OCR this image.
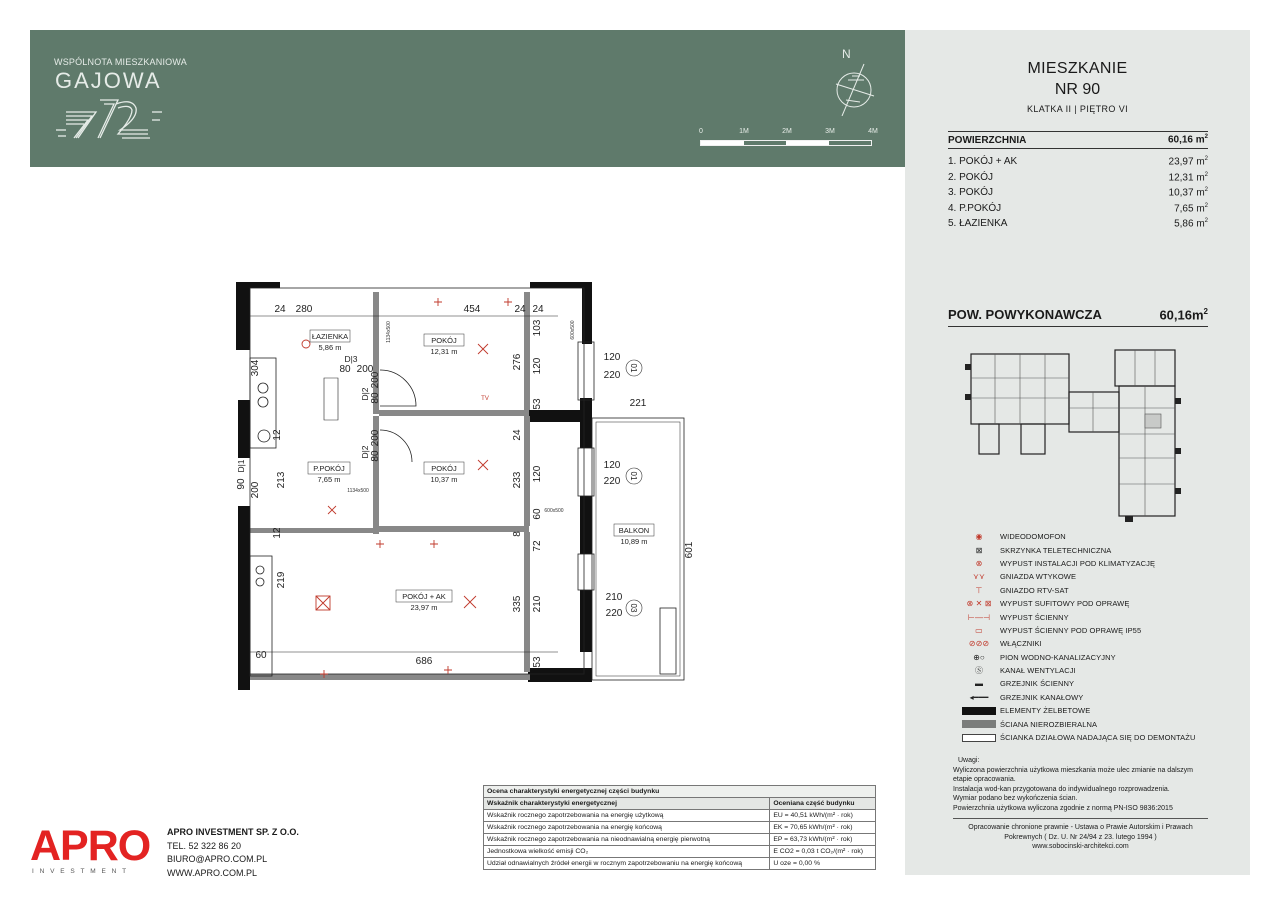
WSPÓLNOTA MIESZKANIOWA
GAJOWA
N
0	1M	2M	3M	4M
MIESZKANIE
NR 90
KLATKA II | PIĘTRO VI
POWIERZCHNIA	60,16 $m^2$
1. POKÓJ + AK	23,97 $m^2$
2. POKÓJ	12,31 $m^2$
3. POKÓJ	10,37 $m^2$
4. P.POKÓJ	7,65 $m^2$
5. ŁAZIENKA	5,86 $m^2$
POW. POWYKONAWCZA	$60,16m^2$
◉	WIDEODOMOFON
⊠	SKRZYNKA TELETECHNICZNA
⊗	WYPUST INSTALACJI POD KLIMATYZACJĘ
⋎⋎	GNIAZDA WTYKOWE
⊤	GNIAZDO RTV-SAT
⊗ ✕ ⊠	WYPUST SUFITOWY POD OPRAWĘ
⊢—⊣	WYPUST ŚCIENNY
▭	WYPUST ŚCIENNY POD OPRAWĘ IP55
⊘⊘⊘	WŁĄCZNIKI
⊕○	PION WODNO-KANALIZACYJNY
Ⓢ	KANAŁ WENTYLACJI
▬	GRZEJNIK ŚCIENNY
◂━━━	GRZEJNIK KANAŁOWY
ELEMENTY ŻELBETOWE
ŚCIANA NIEROZBIERALNA
ŚCIANKA DZIAŁOWA NADAJĄCA SIĘ DO DEMONTAŻU
Uwagi:
Wyliczona powierzchnia użytkowa mieszkania może ulec zmianie na dalszym etapie opracowania.
Instalacja wod-kan przygotowana do indywidualnego rozprowadzenia.
Wymiar podano bez wykończenia ścian.
Powierzchnia użytkowa wyliczona zgodnie z normą PN-ISO 9836:2015
Opracowanie chronione prawnie - Ustawa o Prawie Autorskim i Prawach Pokrewnych ( Dz. U. Nr 24/94 z 23. lutego 1994 )
www.sobocinski-architekci.com
ŁAZIENKA
5,86 m
POKÓJ
12,31 m
P.POKÓJ
7,65 m
POKÓJ
10,37 m
BALKON
10,89 m
POKÓJ + AK
23,97 m
24 280	454	24 24
103
276 120
53
24
120
233
60
8
72
210
335
53
686
221
601
304
213
219
60
12
12
120
220
120
220
210
220
80 200
80
200
90 200
80
200
D|3
D|2
D|2
D|1
01
01
03
1134x500	600x500
1134x500
600x500
TV
APRO
INVESTMENT
APRO INVESTMENT SP. Z O.O.
TEL. 52 322 86 20
BIURO@APRO.COM.PL
WWW.APRO.COM.PL
Ocena charakterystyki energetycznej części budynku	
Wskaźnik charakterystyki energetycznej	Oceniana część budynku
Wskaźnik rocznego zapotrzebowania na energię użytkową	EU = 40,51 kWh/(m² · rok)
Wskaźnik rocznego zapotrzebowania na energię końcową	EK = 70,65 kWh/(m² · rok)
Wskaźnik rocznego zapotrzebowania na nieodnawialną energię pierwotną	EP = 63,73 kWh/(m² · rok)
Jednostkowa wielkość emisji CO₂	E CO2 = 0,03 t CO₂/(m² · rok)
Udział odnawialnych źródeł energii w rocznym zapotrzebowaniu na energię końcową	U oze = 0,00 %
